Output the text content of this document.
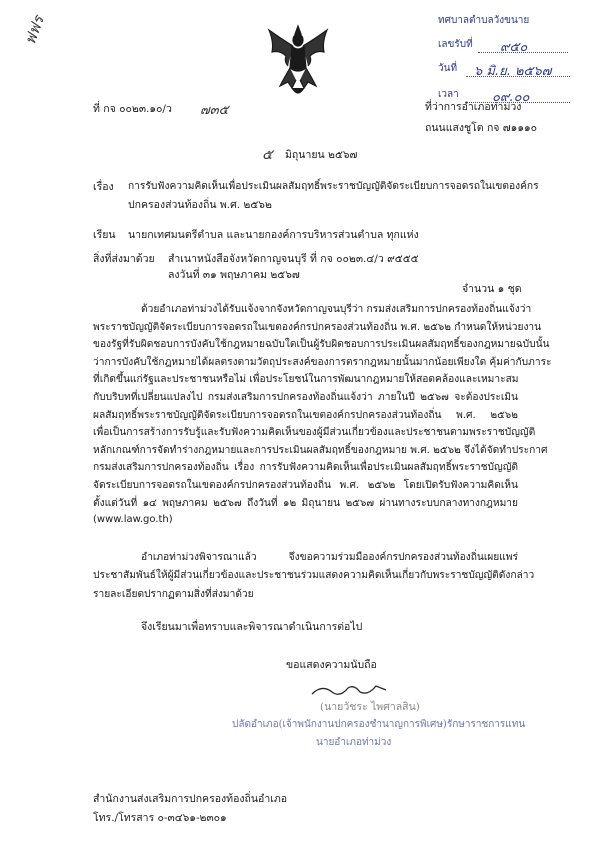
ฟฟร	ทศบาลตำบลวังขนาย
เลขรับที่ ๙๕๐
วันที่ ๖ มิ.ย. ๒๕๖๗
เวลา	๐๙.๐๐
ที่ กจ ๐๐๒๓.๑๐/ว ๗๓๕	ที่ว่าการอำเภอท่าม่วง
ถนนแสงชูโต กจ ๗๑๑๑๐
๕ มิถุนายน ๒๕๖๗
เรื่อง การรับฟังความคิดเห็นเพื่อประเมินผลสัมฤทธิ์พระราชบัญญัติจัดระเบียบการจอดรถในเขตองค์กร
ปกครองส่วนท้องถิ่น พ.ศ. ๒๕๖๒
เรียน นายกเทศมนตรีตำบล และนายกองค์การบริหารส่วนตำบล ทุกแห่ง
สิ่งที่ส่งมาด้วย สำเนาหนังสือจังหวัดกาญจนบุรี ที่ กจ ๐๐๒๓.๔/ว ๙๕๕๕
ลงวันที่ ๓๑ พฤษภาคม ๒๕๖๗
จำนวน ๑ ชุด
ด้วยอำเภอท่าม่วงได้รับแจ้งจากจังหวัดกาญจนบุรีว่า กรมส่งเสริมการปกครองท้องถิ่นแจ้งว่า
พระราชบัญญัติจัดระเบียบการจอดรถในเขตองค์กรปกครองส่วนท้องถิ่น พ.ศ. ๒๕๖๒ กำหนดให้หน่วยงาน
ของรัฐที่รับผิดชอบการบังคับใช้กฎหมายฉบับใดเป็นผู้รับผิดชอบการประเมินผลสัมฤทธิ์ของกฎหมายฉบับนั้น
ว่าการบังคับใช้กฎหมายได้ผลตรงตามวัตถุประสงค์ของการตรากฎหมายนั้นมากน้อยเพียงใด คุ้มค่ากับภาระ
ที่เกิดขึ้นแก่รัฐและประชาชนหรือไม่ เพื่อประโยชน์ในการพัฒนากฎหมายให้สอดคล้องและเหมาะสม
กับบริบทที่เปลี่ยนแปลงไป กรมส่งเสริมการปกครองท้องถิ่นแจ้งว่า ภายในปี ๒๕๖๗ จะต้องประเมิน
ผลสัมฤทธิ์พระราชบัญญัติจัดระเบียบการจอดรถในเขตองค์กรปกครองส่วนท้องถิ่น พ.ศ. ๒๕๖๒
เพื่อเป็นการสร้างการรับรู้และรับฟังความคิดเห็นของผู้มีส่วนเกี่ยวข้องและประชาชนตามพระราชบัญญัติ
หลักเกณฑ์การจัดทำร่างกฎหมายและการประเมินผลสัมฤทธิ์ของกฎหมาย พ.ศ. ๒๕๖๒ จึงได้จัดทำประกาศ
กรมส่งเสริมการปกครองท้องถิ่น เรื่อง การรับฟังความคิดเห็นเพื่อประเมินผลสัมฤทธิ์พระราชบัญญัติ
จัดระเบียบการจอดรถในเขตองค์กรปกครองส่วนท้องถิ่น พ.ศ. ๒๕๖๒ โดยเปิดรับฟังความคิดเห็น
ตั้งแต่วันที่ ๑๔ พฤษภาคม ๒๕๖๗ ถึงวันที่ ๑๒ มิถุนายน ๒๕๖๗ ผ่านทางระบบกลางทางกฎหมาย
(www.law.go.th)
อำเภอท่าม่วงพิจารณาแล้ว จึงขอความร่วมมือองค์กรปกครองส่วนท้องถิ่นเผยแพร่
ประชาสัมพันธ์ให้ผู้มีส่วนเกี่ยวข้องและประชาชนร่วมแสดงความคิดเห็นเกี่ยวกับพระราชบัญญัติดังกล่าว
รายละเอียดปรากฏตามสิ่งที่ส่งมาด้วย
จึงเรียนมาเพื่อทราบและพิจารณาดำเนินการต่อไป
ขอแสดงความนับถือ
(นายวัชระ ไพศาลสิน)
ปลัดอำเภอ(เจ้าพนักงานปกครองชำนาญการพิเศษ)รักษาราชการแทน
นายอำเภอท่าม่วง
สำนักงานส่งเสริมการปกครองท้องถิ่นอำเภอ
โทร./โทรสาร ๐-๓๔๖๑-๒๓๐๑
